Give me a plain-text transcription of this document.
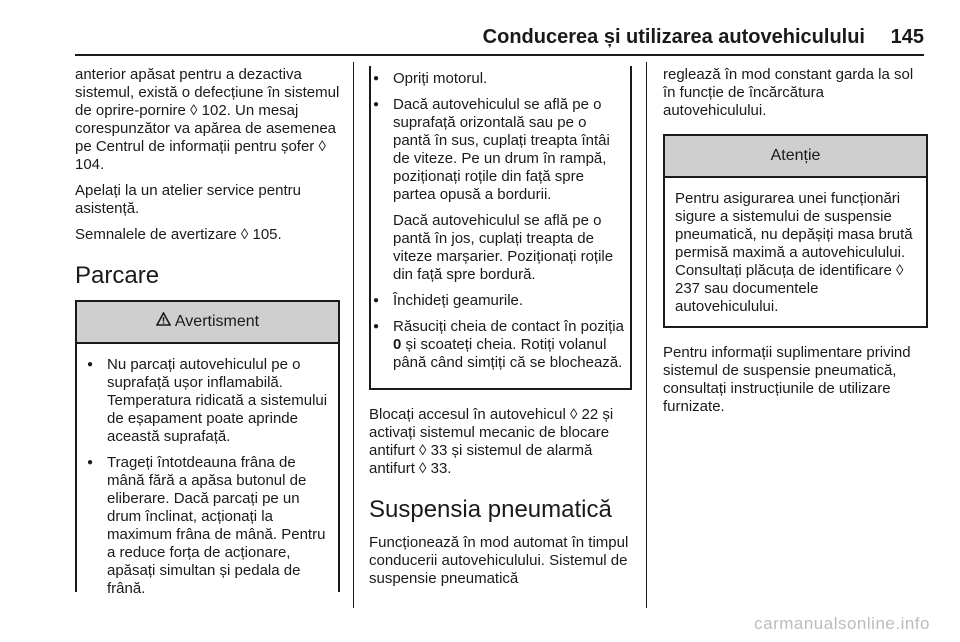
Conducerea și utilizarea autovehiculului 145

anterior apăsat pentru a dezactiva sistemul, există o defecțiune în sistemul de oprire-pornire ◊ 102. Un mesaj corespunzător va apărea de asemenea pe Centrul de informații pentru șofer ◊ 104.

Apelați la un atelier service pentru asistență.

Semnalele de avertizare ◊ 105.

Parcare
Avertisment
● Nu parcați autovehiculul pe o suprafață ușor inflamabilă. Temperatura ridicată a sistemului de eșapament poate aprinde această suprafață.
● Trageți întotdeauna frâna de mână fără a apăsa butonul de eliberare. Dacă parcați pe un drum înclinat, acționați la maximum frâna de mână. Pentru a reduce forța de acționare, apăsați simultan și pedala de frână.
● Opriți motorul.
● Dacă autovehiculul se află pe o suprafață orizontală sau pe o pantă în sus, cuplați treapta întâi de viteze. Pe un drum în rampă, poziționați roțile din față spre partea opusă a bordurii.
Dacă autovehiculul se află pe o pantă în jos, cuplați treapta de viteze marșarier. Poziționați roțile din față spre bordură.
● Închideți geamurile.
● Răsuciți cheia de contact în poziția 0 și scoateți cheia. Rotiți volanul până când simțiți că se blochează.

Blocați accesul în autovehicul ◊ 22 și activați sistemul mecanic de blocare antifurt ◊ 33 și sistemul de alarmă antifurt ◊ 33.

Suspensia pneumatică

Funcționează în mod automat în timpul conducerii autovehiculului. Sistemul de suspensie pneumatică

reglează în mod constant garda la sol în funcție de încărcătura autovehiculului.

Atenție
Pentru asigurarea unei funcționări sigure a sistemului de suspensie pneumatică, nu depășiți masa brută permisă maximă a autovehiculului. Consultați plăcuța de identificare ◊ 237 sau documentele autovehiculului.

Pentru informații suplimentare privind sistemul de suspensie pneumatică, consultați instrucțiunile de utilizare furnizate.

carmanualsonline.info
